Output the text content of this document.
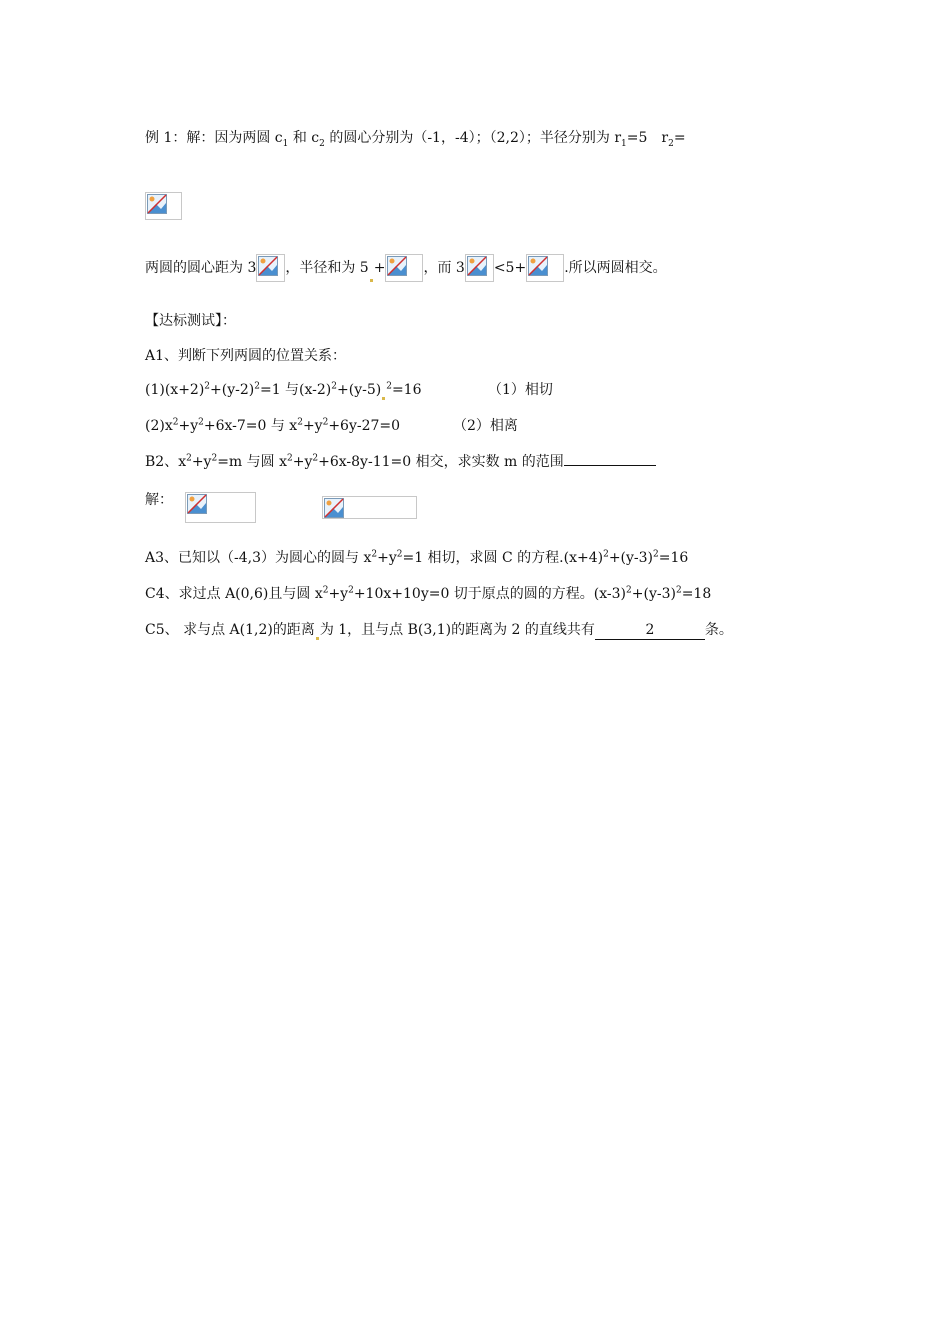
例 1：解：因为两圆 $c_1$ 和 $c_2$ 的圆心分别为（-1，-4）；（2,2）；半径分别为 $r_1=5$　$r_2=$
两圆的圆心距为 3 ，半径和为 5 +	，而 3 <5+	.所以两圆相交。
【达标测试】：
A1、判断下列两圆的位置关系：
$(1)(x+2)^2+(y-2)^2=1$ 与$(x-2)^2+(y-5)$ $^2$=16	（1）相切
$(2)x^2+y^2+6x-7=0$ 与 $x^2+y^2+6y-27=0$	（2）相离
B2、$x^2+y^2=m$ 与圆 $x^2+y^2+6x-8y-11=0$ 相交，求实数 m 的范围
解：
A3、已知以（-4,3）为圆心的圆与 $x^2+y^2=1$ 相切，求圆 C 的方程$.(x+4)^2+(y-3)^2=16$
C4、求过点 A(0,6)且与圆 $x^2+y^2+10x+10y=0$ 切于原点的圆的方程。$(x-3)^2+(y-3)^2=18$
C5、 求与点 A(1,2)的距离 为 1，且与点 B(3,1)的距离为 2 的直线共有	2	条。
